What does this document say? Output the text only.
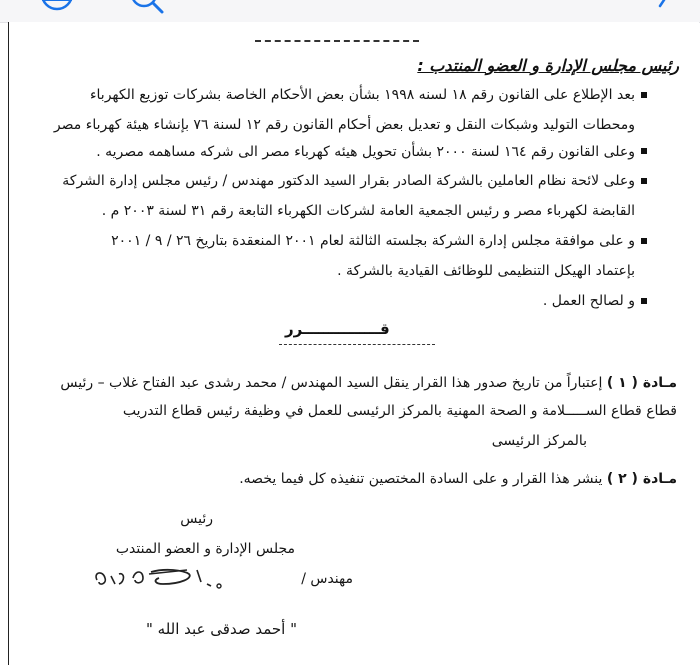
رئيس مجلس الإدارة و العضو المنتدب :
بعد الإطلاع على القانون رقم ١٨ لسنه ١٩٩٨ بشأن بعض الأحكام الخاصة بشركات توزيع الكهرباء
ومحطات التوليد وشبكات النقل و تعديل بعض أحكام القانون رقم ١٢ لسنة ٧٦ بإنشاء هيئة كهرباء مصر
وعلى القانون رقم ١٦٤ لسنة ٢٠٠٠ بشأن تحويل هيئه كهرباء مصر الى شركه مساهمه مصريه .
وعلى لائحة نظام العاملين بالشركة الصادر بقرار السيد الدكتور مهندس / رئيس مجلس إدارة الشركة
القابضة لكهرباء مصر و رئيس الجمعية العامة لشركات الكهرباء التابعة رقم ٣١ لسنة ٢٠٠٣ م .
و على موافقة مجلس إدارة الشركة بجلسته الثالثة لعام ٢٠٠١ المنعقدة بتاريخ ٢٦ / ٩ / ٢٠٠١
بإعتماد الهيكل التنظيمى للوظائف القيادية بالشركة .
و لصالح العمل .
قـــــــــــــــرر
مـادة ( ١ ) إعتباراً من تاريخ صدور هذا القرار ينقل السيد المهندس / محمد رشدى عبد الفتاح غلاب – رئيس
قطاع قطاع الســـــلامة و الصحة المهنية بالمركز الرئيسى للعمل في وظيفة رئيس قطاع التدريب
بالمركز الرئيسى
مـادة ( ٢ ) ينشر هذا القرار و على السادة المختصين تنفيذه كل فيما يخصه.
رئيس
مجلس الإدارة و العضو المنتدب
مهندس /
" أحمد صدقى عبد الله "
